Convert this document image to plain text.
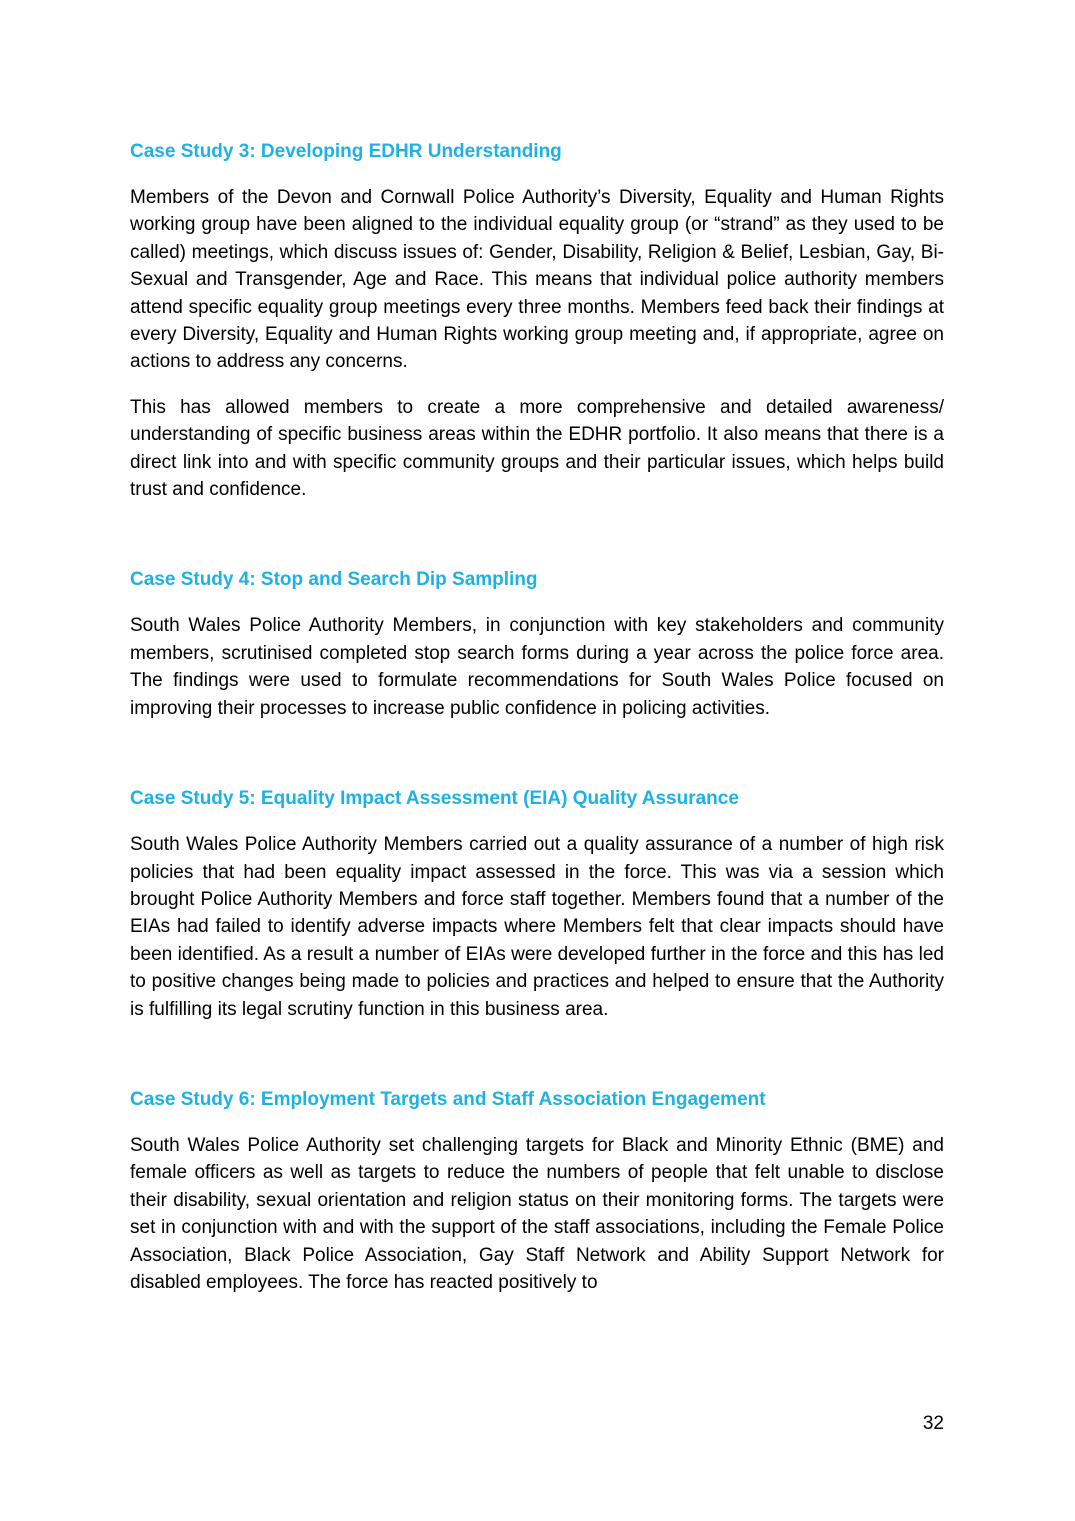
Case Study 3: Developing EDHR Understanding

Members of the Devon and Cornwall Police Authority’s Diversity, Equality and Human Rights working group have been aligned to the individual equality group (or “strand” as they used to be called) meetings, which discuss issues of: Gender, Disability, Religion & Belief, Lesbian, Gay, Bi-Sexual and Transgender, Age and Race. This means that individual police authority members attend specific equality group meetings every three months. Members feed back their findings at every Diversity, Equality and Human Rights working group meeting and, if appropriate, agree on actions to address any concerns.

This has allowed members to create a more comprehensive and detailed awareness/ understanding of specific business areas within the EDHR portfolio. It also means that there is a direct link into and with specific community groups and their particular issues, which helps build trust and confidence.

Case Study 4: Stop and Search Dip Sampling

South Wales Police Authority Members, in conjunction with key stakeholders and community members, scrutinised completed stop search forms during a year across the police force area. The findings were used to formulate recommendations for South Wales Police focused on improving their processes to increase public confidence in policing activities.

Case Study 5: Equality Impact Assessment (EIA) Quality Assurance

South Wales Police Authority Members carried out a quality assurance of a number of high risk policies that had been equality impact assessed in the force. This was via a session which brought Police Authority Members and force staff together. Members found that a number of the EIAs had failed to identify adverse impacts where Members felt that clear impacts should have been identified. As a result a number of EIAs were developed further in the force and this has led to positive changes being made to policies and practices and helped to ensure that the Authority is fulfilling its legal scrutiny function in this business area.

Case Study 6: Employment Targets and Staff Association Engagement

South Wales Police Authority set challenging targets for Black and Minority Ethnic (BME) and female officers as well as targets to reduce the numbers of people that felt unable to disclose their disability, sexual orientation and religion status on their monitoring forms. The targets were set in conjunction with and with the support of the staff associations, including the Female Police Association, Black Police Association, Gay Staff Network and Ability Support Network for disabled employees. The force has reacted positively to

32
